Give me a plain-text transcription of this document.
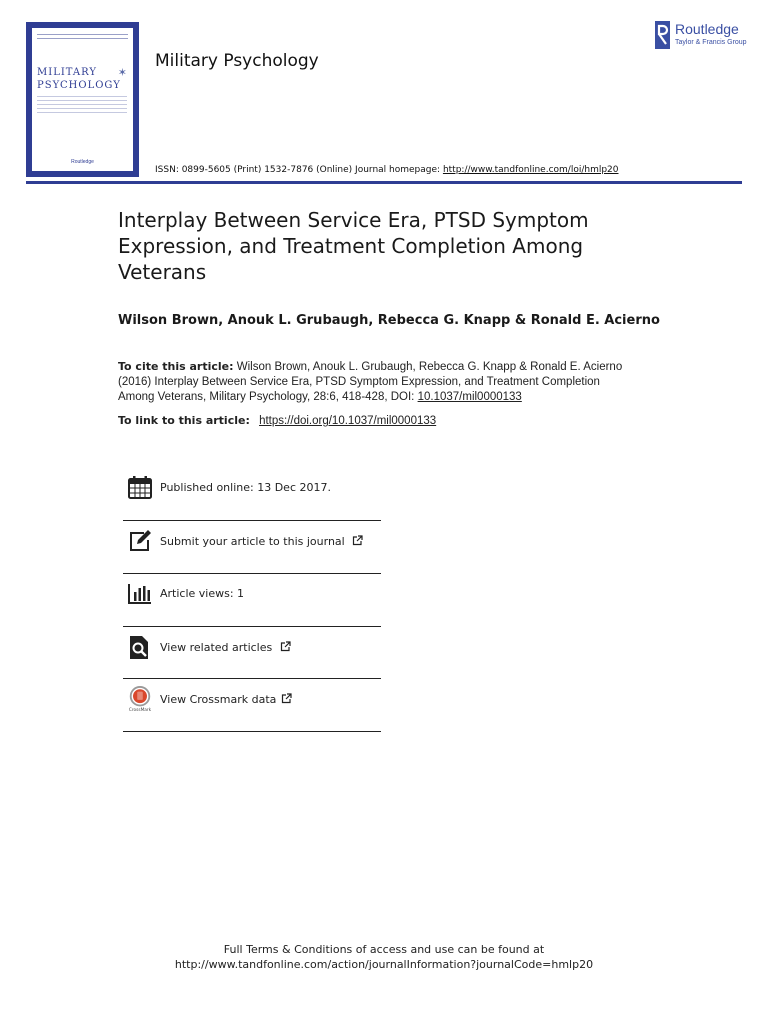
MILITARY
PSYCHOLOGY
✶
Routledge
Military Psychology
Routledge
Taylor & Francis Group
ISSN: 0899-5605 (Print) 1532-7876 (Online) Journal homepage: http://www.tandfonline.com/loi/hmlp20
Interplay Between Service Era, PTSD Symptom Expression, and Treatment Completion Among Veterans
Wilson Brown, Anouk L. Grubaugh, Rebecca G. Knapp & Ronald E. Acierno
To cite this article: Wilson Brown, Anouk L. Grubaugh, Rebecca G. Knapp & Ronald E. Acierno (2016) Interplay Between Service Era, PTSD Symptom Expression, and Treatment Completion Among Veterans, Military Psychology, 28:6, 418-428, DOI: 10.1037/mil0000133
To link to this article: https://doi.org/10.1037/mil0000133
Published online: 13 Dec 2017.
Submit your article to this journal
Article views: 1
View related articles
CrossMark
View Crossmark data
Full Terms & Conditions of access and use can be found at
http://www.tandfonline.com/action/journalInformation?journalCode=hmlp20
